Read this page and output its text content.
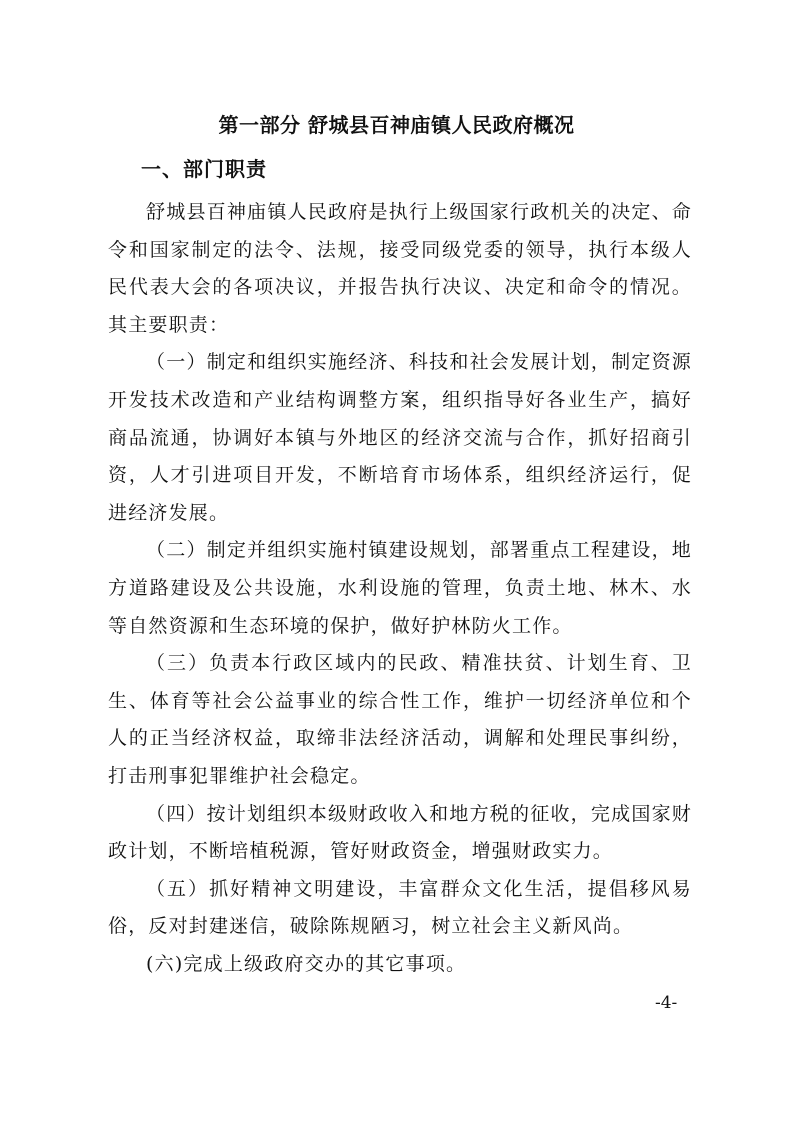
第一部分 舒城县百神庙镇人民政府概况
一、部门职责

舒城县百神庙镇人民政府是执行上级国家行政机关的决定、命令和国家制定的法令、法规，接受同级党委的领导，执行本级人民代表大会的各项决议，并报告执行决议、决定和命令的情况。其主要职责：

（一）制定和组织实施经济、科技和社会发展计划，制定资源开发技术改造和产业结构调整方案，组织指导好各业生产，搞好商品流通，协调好本镇与外地区的经济交流与合作，抓好招商引资，人才引进项目开发，不断培育市场体系，组织经济运行，促进经济发展。

（二）制定并组织实施村镇建设规划，部署重点工程建设，地方道路建设及公共设施，水利设施的管理，负责土地、林木、水等自然资源和生态环境的保护，做好护林防火工作。

（三）负责本行政区域内的民政、精准扶贫、计划生育、卫生、体育等社会公益事业的综合性工作，维护一切经济单位和个人的正当经济权益，取缔非法经济活动，调解和处理民事纠纷，打击刑事犯罪维护社会稳定。

（四）按计划组织本级财政收入和地方税的征收，完成国家财政计划，不断培植税源，管好财政资金，增强财政实力。

（五）抓好精神文明建设，丰富群众文化生活，提倡移风易俗，反对封建迷信，破除陈规陋习，树立社会主义新风尚。

(六)完成上级政府交办的其它事项。

-4-
